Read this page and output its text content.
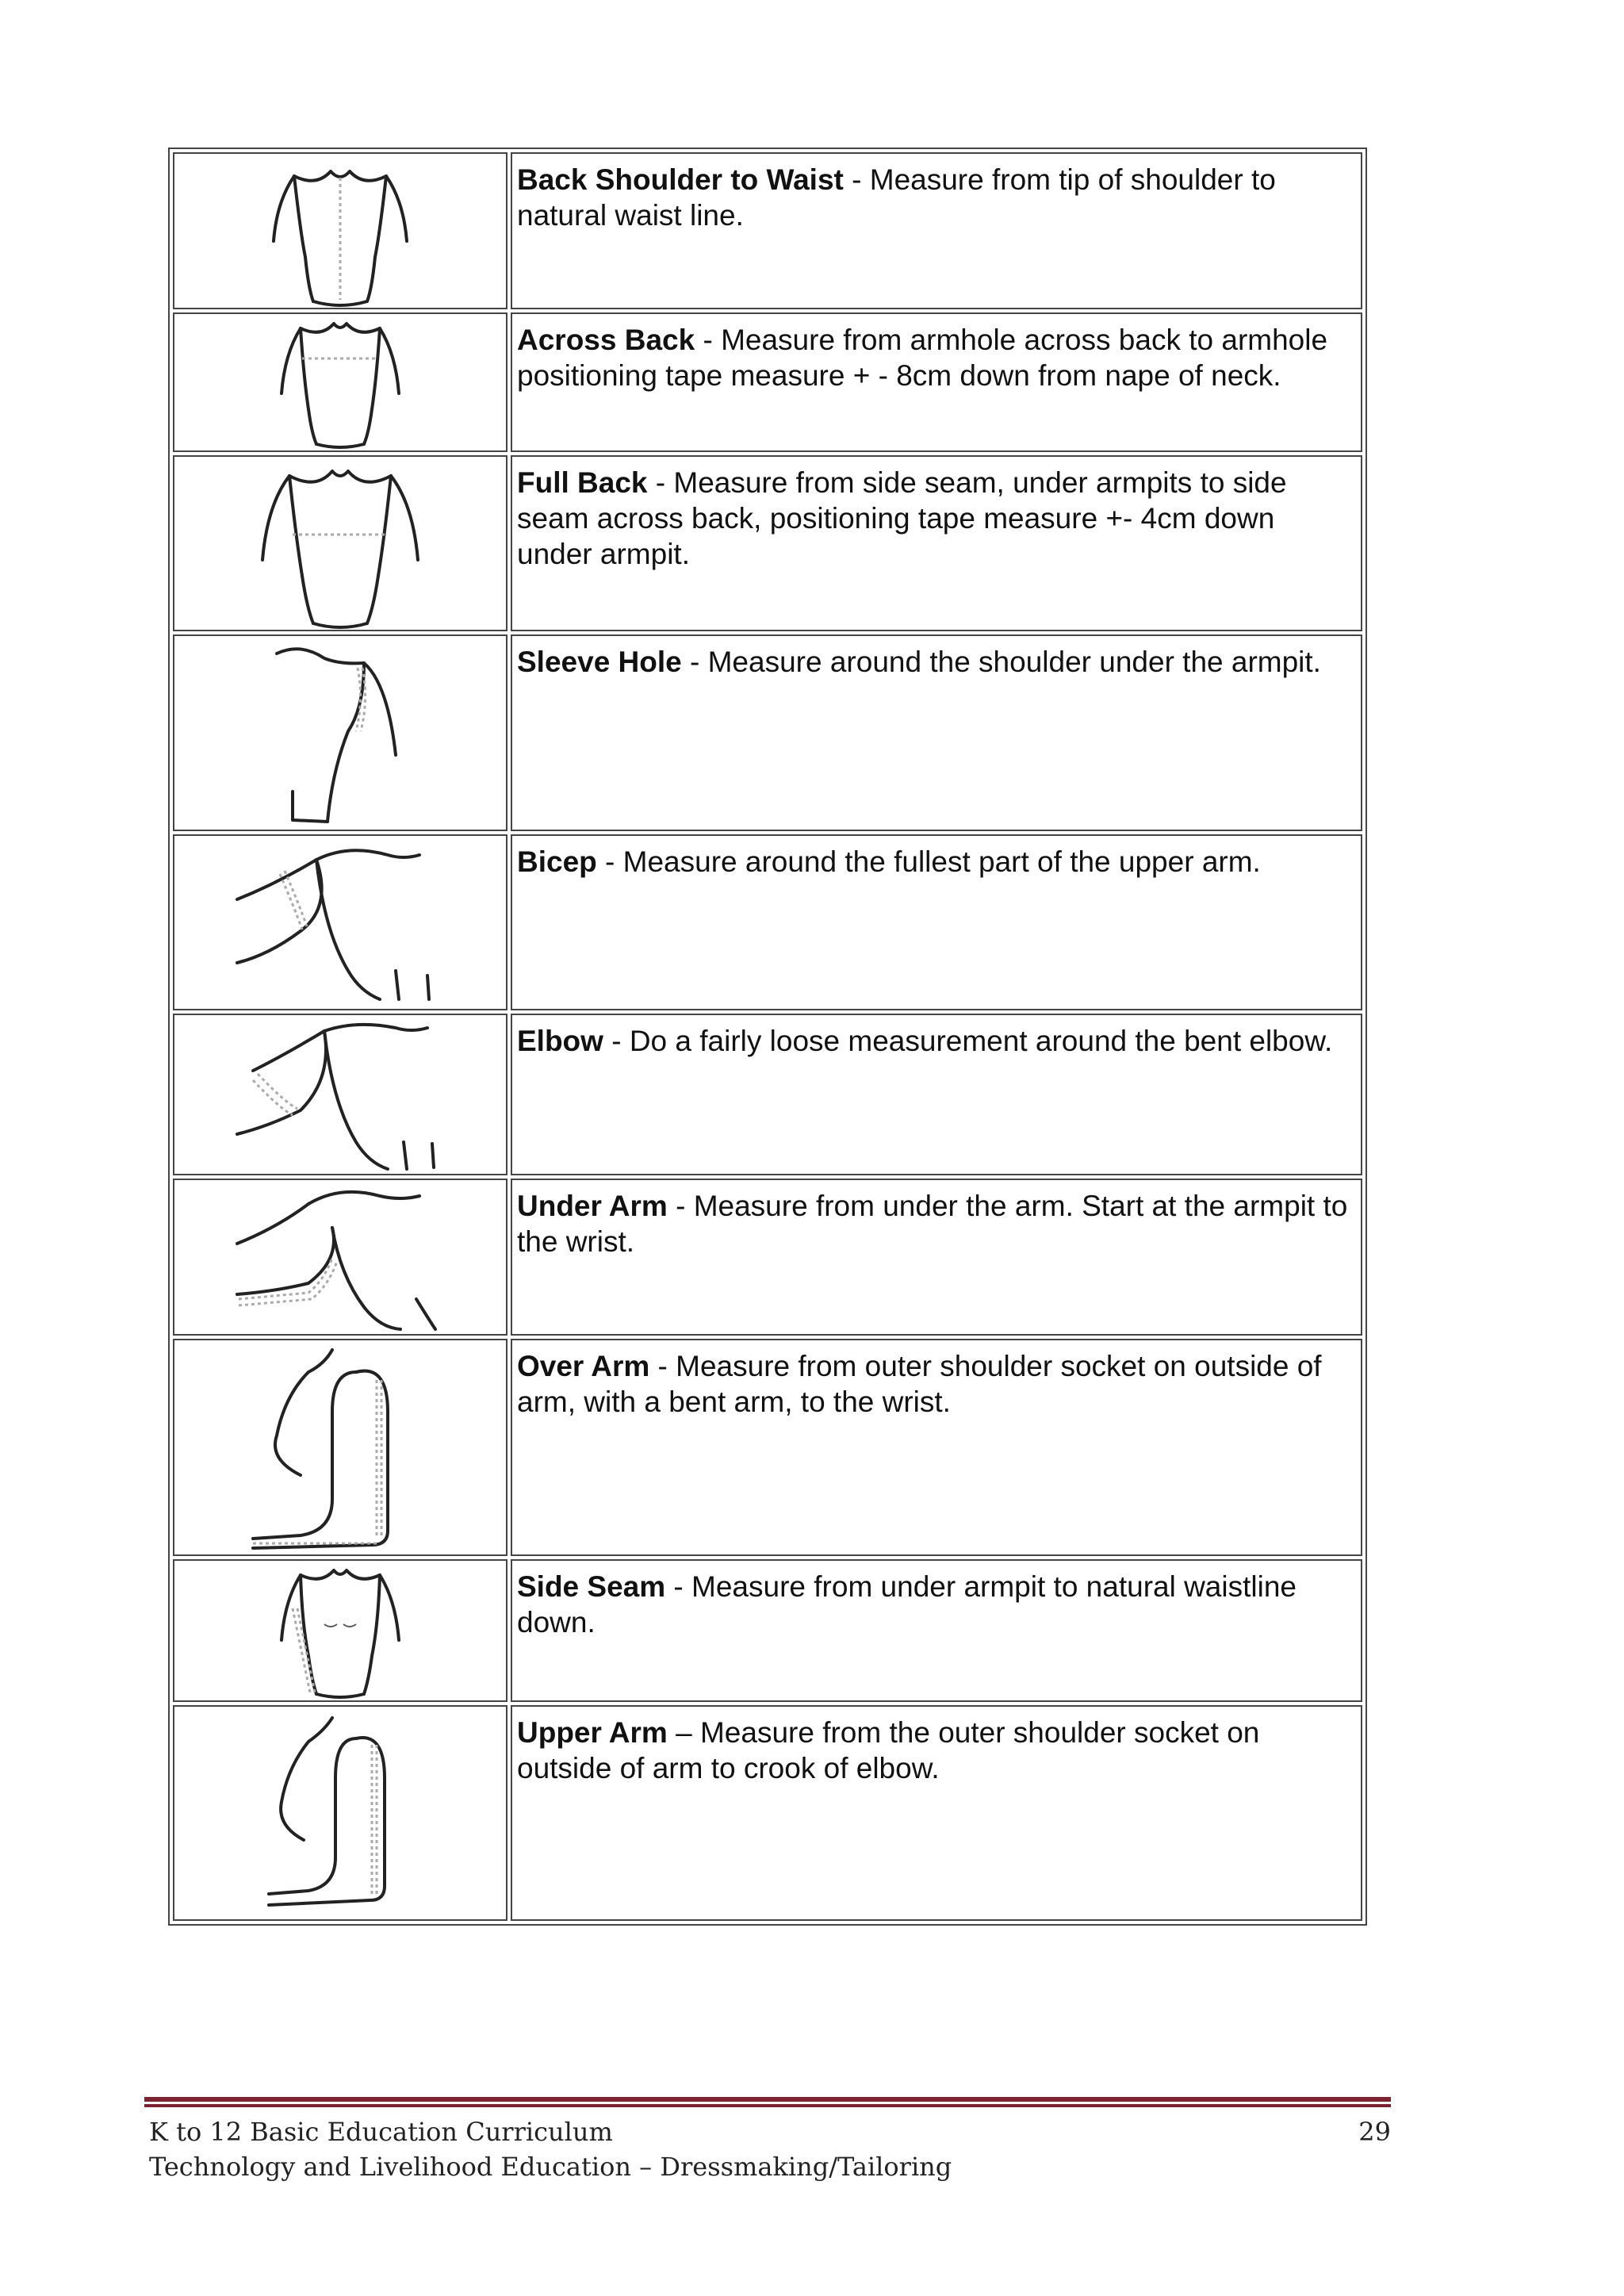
	Back Shoulder to Waist - Measure from tip of shoulder to natural waist line.

	Across Back - Measure from armhole across back to armhole positioning tape measure + - 8cm down from nape of neck.

	Full Back - Measure from side seam, under armpits to side seam across back, positioning tape measure +- 4cm down under armpit.

	Sleeve Hole - Measure around the shoulder under the armpit.

	Bicep - Measure around the fullest part of the upper arm.

	Elbow - Do a fairly loose measurement around the bent elbow.

	Under Arm - Measure from under the arm. Start at the armpit to the wrist.

	Over Arm - Measure from outer shoulder socket on outside of arm, with a bent arm, to the wrist.

	Side Seam - Measure from under armpit to natural waistline down.

	Upper Arm – Measure from the outer shoulder socket on outside of arm to crook of elbow.
K to 12 Basic Education Curriculum
Technology and Livelihood Education – Dressmaking/Tailoring
29
